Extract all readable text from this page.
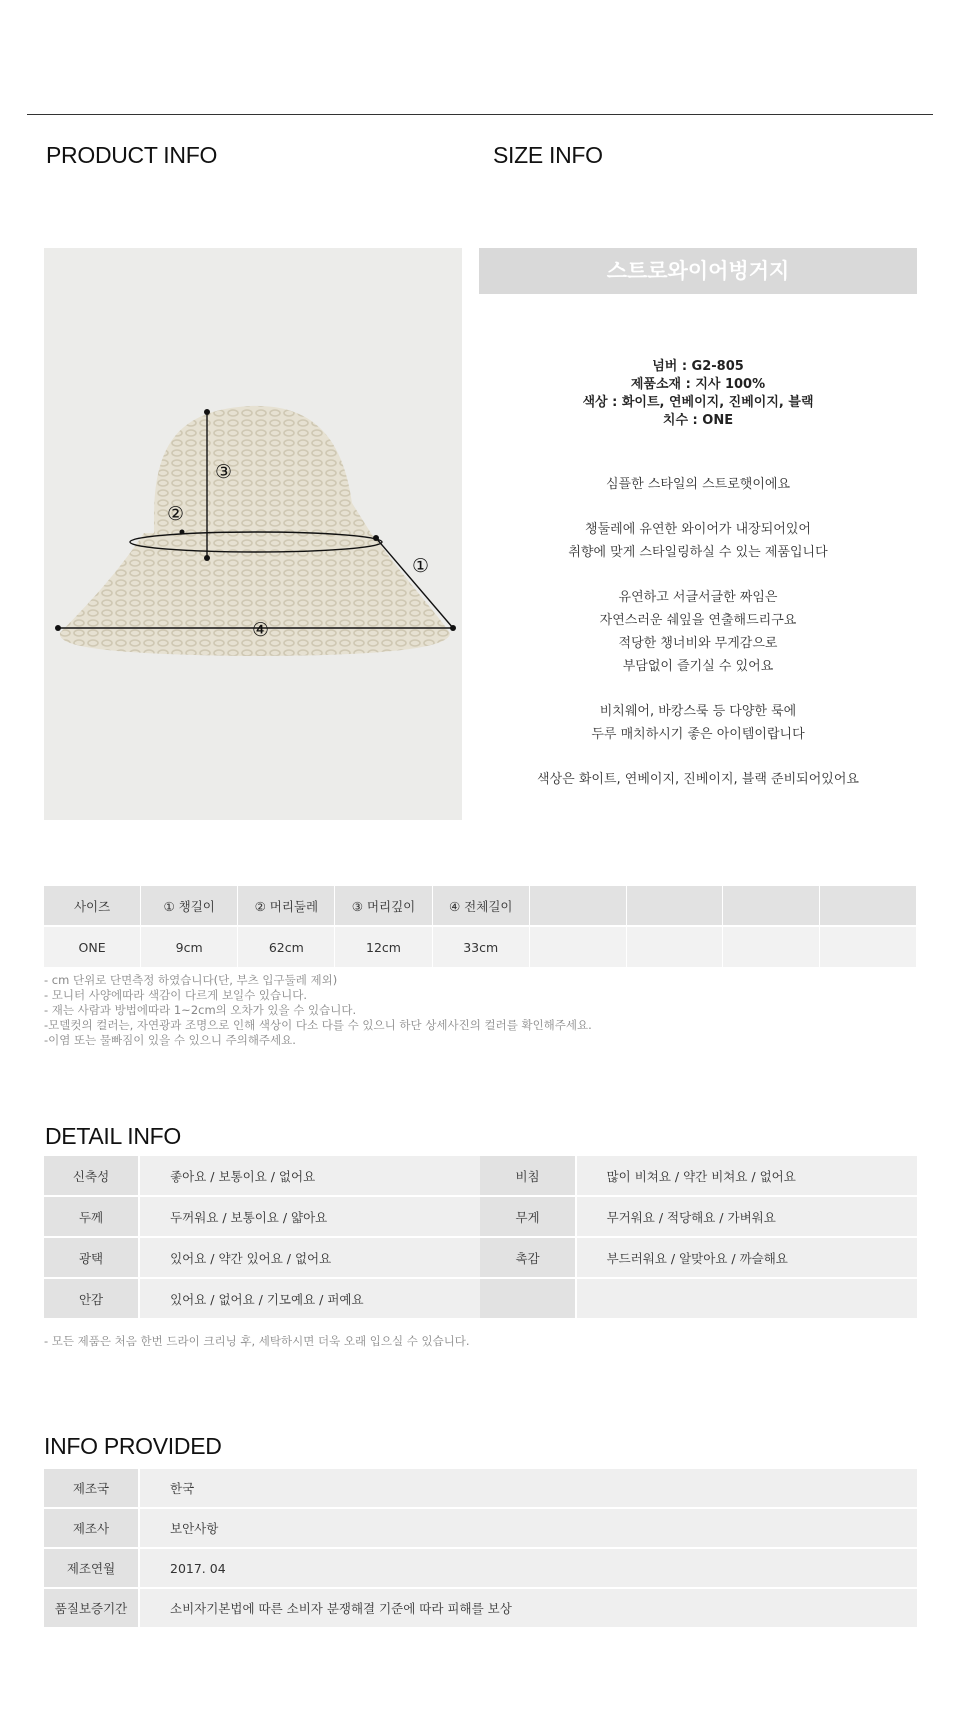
PRODUCT INFO	SIZE INFO
①
②
③
④
스트로와이어벙거지
넘버 : G2-805
제품소재 : 지사 100%
색상 : 화이트, 연베이지, 진베이지, 블랙
치수 : ONE
심플한 스타일의 스트로햇이에요
챙둘레에 유연한 와이어가 내장되어있어
취향에 맞게 스타일링하실 수 있는 제품입니다
유연하고 서글서글한 짜임은
자연스러운 쉐잎을 연출해드리구요
적당한 챙너비와 무게감으로
부담없이 즐기실 수 있어요
비치웨어, 바캉스룩 등 다양한 룩에
두루 매치하시기 좋은 아이템이랍니다
색상은 화이트, 연베이지, 진베이지, 블랙 준비되어있어요
사이즈	① 챙길이	② 머리둘레	③ 머리깊이	④ 전체길이				
ONE	9cm	62cm	12cm	33cm				
- cm 단위로 단면측정 하였습니다(단, 부츠 입구둘레 제외)
- 모니터 사양에따라 색감이 다르게 보일수 있습니다.
- 재는 사람과 방법에따라 1~2cm의 오차가 있을 수 있습니다.
-모델컷의 컬러는, 자연광과 조명으로 인해 색상이 다소 다를 수 있으니 하단 상세사진의 컬러를 확인해주세요.
-이염 또는 물빠짐이 있을 수 있으니 주의해주세요.
DETAIL INFO
신축성	좋아요 / 보통이요 / 없어요	비침	많이 비쳐요 / 약간 비쳐요 / 없어요
두께	두꺼워요 / 보통이요 / 얇아요	무게	무거워요 / 적당해요 / 가벼워요
광택	있어요 / 약간 있어요 / 없어요	촉감	부드러워요 / 알맞아요 / 까슬해요
안감	있어요 / 없어요 / 기모예요 / 퍼예요		
- 모든 제품은 처음 한번 드라이 크리닝 후, 세탁하시면 더욱 오래 입으실 수 있습니다.
INFO PROVIDED
제조국	한국
제조사	보안사항
제조연월	2017. 04
품질보증기간	소비자기본법에 따른 소비자 분쟁해결 기준에 따라 피해를 보상
